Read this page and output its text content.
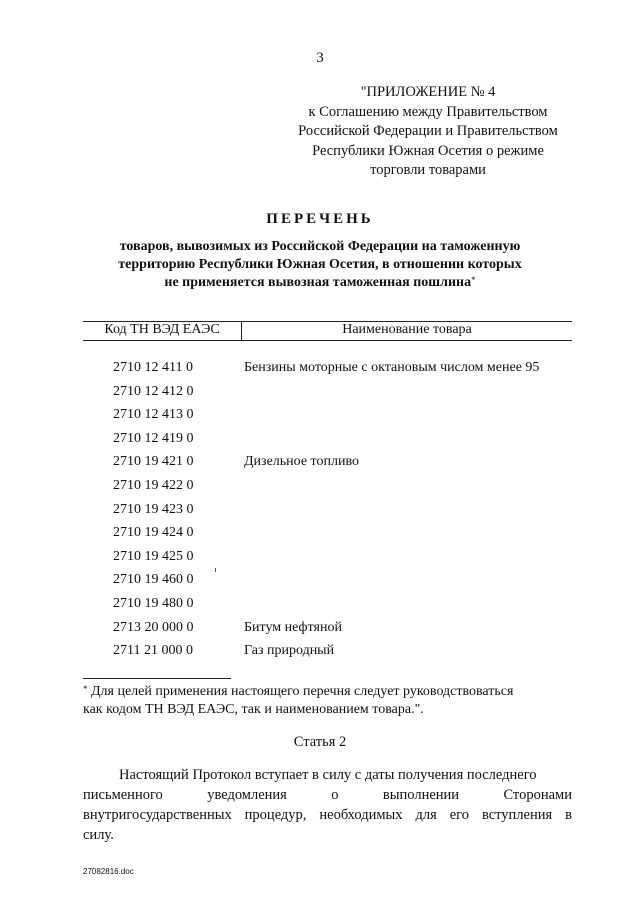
3
"ПРИЛОЖЕНИЕ № 4
к Соглашению между Правительством
Российской Федерации и Правительством
Республики Южная Осетия о режиме
торговли товарами
ПЕРЕЧЕНЬ
товаров, вывозимых из Российской Федерации на таможенную
территорию Республики Южная Осетия, в отношении которых
не применяется вывозная таможенная пошлина*
Код ТН ВЭД ЕАЭС	Наименование товара
2710 12 411 0	Бензины моторные с октановым числом менее 95
2710 12 412 0
2710 12 413 0
2710 12 419 0
2710 19 421 0	Дизельное топливо
2710 19 422 0
2710 19 423 0
2710 19 424 0
2710 19 425 0
2710 19 460 0
2710 19 480 0
2713 20 000 0	Битум нефтяной
2711 21 000 0	Газ природный
* Для целей применения настоящего перечня следует руководствоваться
как кодом ТН ВЭД ЕАЭС, так и наименованием товара.".
Статья 2
Настоящий Протокол вступает в силу с даты получения последнего
письменного	уведомления	о	выполнении	Сторонами
внутригосударственных процедур, необходимых для его вступления в
силу.
27082816.doc
